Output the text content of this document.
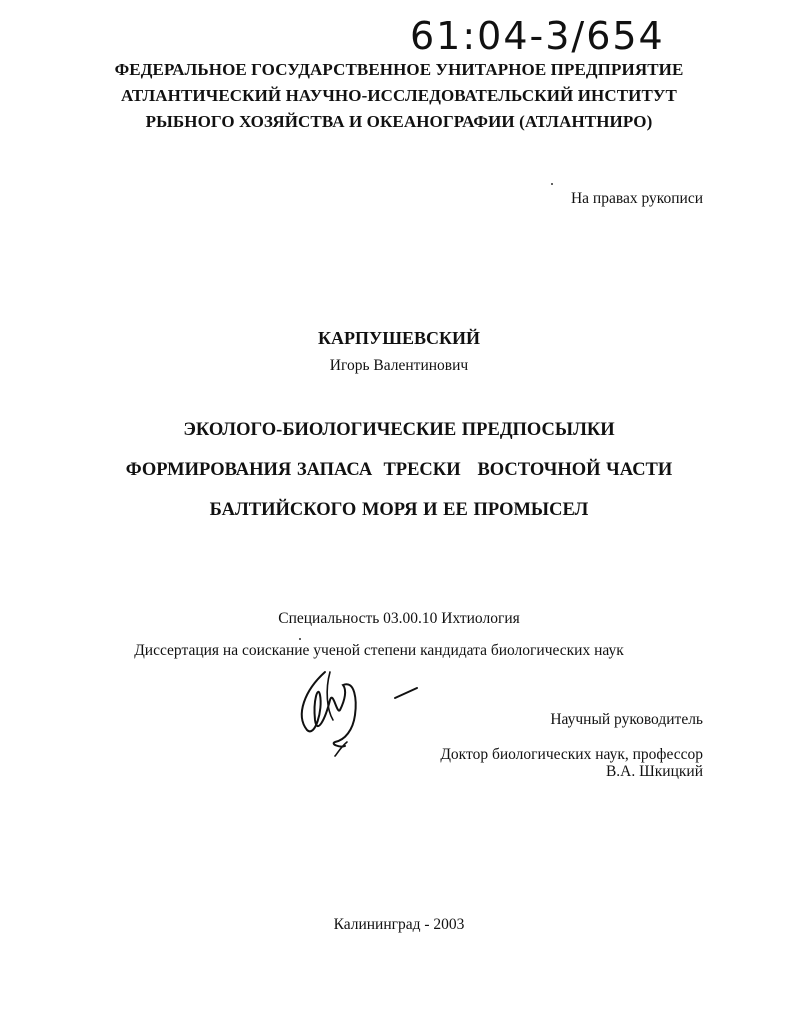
61:04-3/654
ФЕДЕРАЛЬНОЕ ГОСУДАРСТВЕННОЕ УНИТАРНОЕ ПРЕДПРИЯТИЕ
АТЛАНТИЧЕСКИЙ НАУЧНО-ИССЛЕДОВАТЕЛЬСКИЙ ИНСТИТУТ
РЫБНОГО ХОЗЯЙСТВА И ОКЕАНОГРАФИИ (АТЛАНТНИРО)
На правах рукописи
КАРПУШЕВСКИЙ
Игорь Валентинович
ЭКОЛОГО-БИОЛОГИЧЕСКИЕ ПРЕДПОСЫЛКИ
ФОРМИРОВАНИЯ ЗАПАСА  ТРЕСКИ   ВОСТОЧНОЙ ЧАСТИ
БАЛТИЙСКОГО МОРЯ И ЕЕ ПРОМЫСЕЛ
Специальность 03.00.10 Ихтиология
Диссертация на соискание ученой степени кандидата биологических наук
Научный руководитель
Доктор биологических наук, профессор
В.А. Шкицкий
Калининград - 2003
